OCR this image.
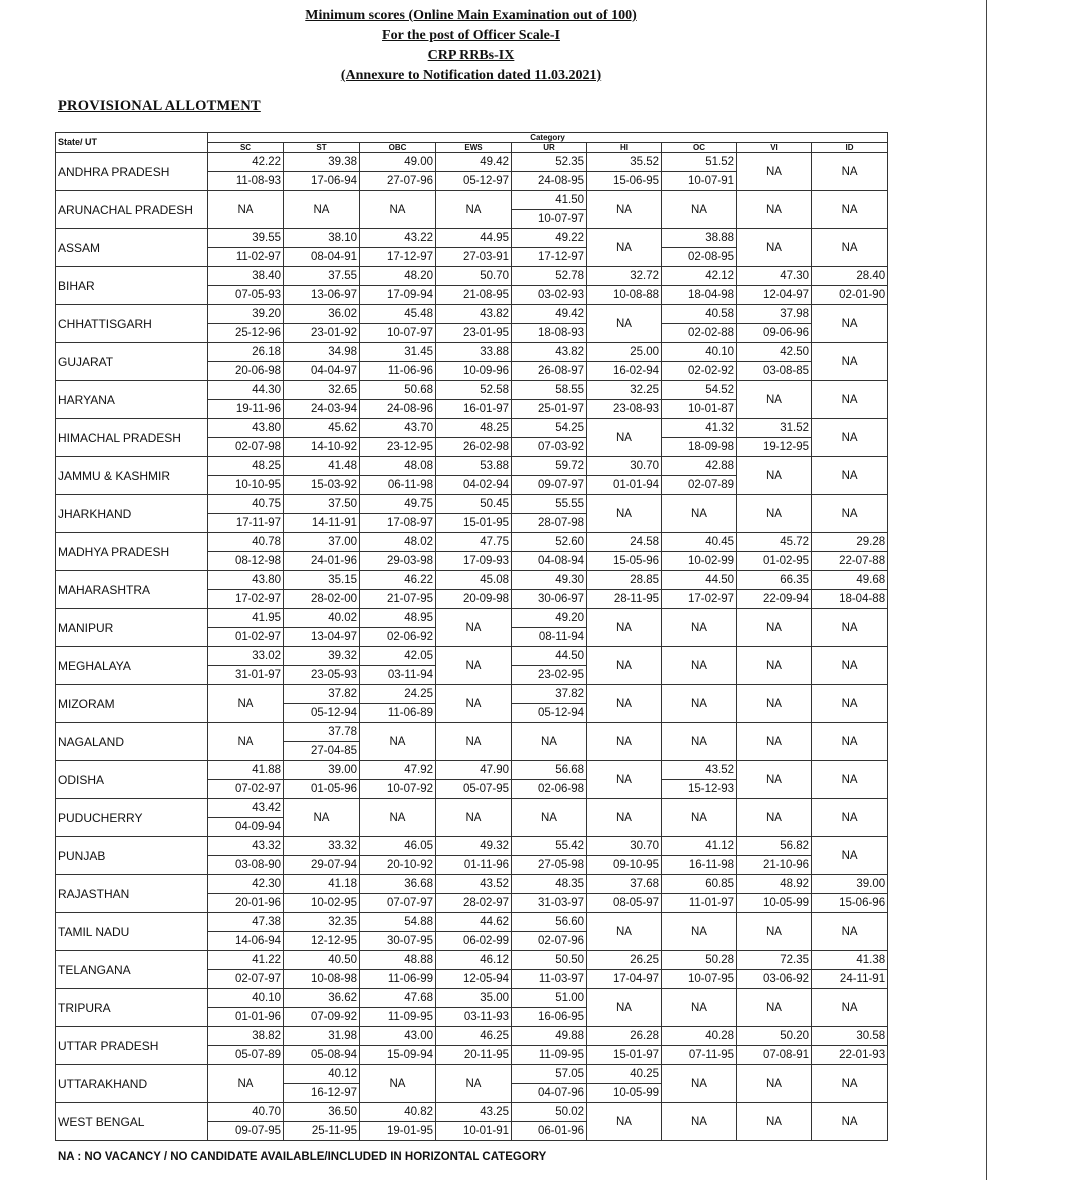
Minimum scores (Online Main Examination out of 100)
For the post of Officer Scale-I
CRP RRBs-IX
(Annexure to Notification dated 11.03.2021)
PROVISIONAL ALLOTMENT
State/ UT	Category								
	SC	ST	OBC	EWS	UR	HI	OC	VI	ID
ANDHRA PRADESH	42.22	39.38	49.00	49.42	52.35	35.52	51.52	NA	NA
	11-08-93	17-06-94	27-07-96	05-12-97	24-08-95	15-06-95	10-07-91		
ARUNACHAL PRADESH	NA	NA	NA	NA	41.50	NA	NA	NA	NA
					10-07-97				
ASSAM	39.55	38.10	43.22	44.95	49.22	NA	38.88	NA	NA
	11-02-97	08-04-91	17-12-97	27-03-91	17-12-97		02-08-95		
BIHAR	38.40	37.55	48.20	50.70	52.78	32.72	42.12	47.30	28.40
	07-05-93	13-06-97	17-09-94	21-08-95	03-02-93	10-08-88	18-04-98	12-04-97	02-01-90
CHHATTISGARH	39.20	36.02	45.48	43.82	49.42	NA	40.58	37.98	NA
	25-12-96	23-01-92	10-07-97	23-01-95	18-08-93		02-02-88	09-06-96	
GUJARAT	26.18	34.98	31.45	33.88	43.82	25.00	40.10	42.50	NA
	20-06-98	04-04-97	11-06-96	10-09-96	26-08-97	16-02-94	02-02-92	03-08-85	
HARYANA	44.30	32.65	50.68	52.58	58.55	32.25	54.52	NA	NA
	19-11-96	24-03-94	24-08-96	16-01-97	25-01-97	23-08-93	10-01-87		
HIMACHAL PRADESH	43.80	45.62	43.70	48.25	54.25	NA	41.32	31.52	NA
	02-07-98	14-10-92	23-12-95	26-02-98	07-03-92		18-09-98	19-12-95	
JAMMU & KASHMIR	48.25	41.48	48.08	53.88	59.72	30.70	42.88	NA	NA
	10-10-95	15-03-92	06-11-98	04-02-94	09-07-97	01-01-94	02-07-89		
JHARKHAND	40.75	37.50	49.75	50.45	55.55	NA	NA	NA	NA
	17-11-97	14-11-91	17-08-97	15-01-95	28-07-98				
MADHYA PRADESH	40.78	37.00	48.02	47.75	52.60	24.58	40.45	45.72	29.28
	08-12-98	24-01-96	29-03-98	17-09-93	04-08-94	15-05-96	10-02-99	01-02-95	22-07-88
MAHARASHTRA	43.80	35.15	46.22	45.08	49.30	28.85	44.50	66.35	49.68
	17-02-97	28-02-00	21-07-95	20-09-98	30-06-97	28-11-95	17-02-97	22-09-94	18-04-88
MANIPUR	41.95	40.02	48.95	NA	49.20	NA	NA	NA	NA
	01-02-97	13-04-97	02-06-92		08-11-94				
MEGHALAYA	33.02	39.32	42.05	NA	44.50	NA	NA	NA	NA
	31-01-97	23-05-93	03-11-94		23-02-95				
MIZORAM	NA	37.82	24.25	NA	37.82	NA	NA	NA	NA
		05-12-94	11-06-89		05-12-94				
NAGALAND	NA	37.78	NA	NA	NA	NA	NA	NA	NA
		27-04-85							
ODISHA	41.88	39.00	47.92	47.90	56.68	NA	43.52	NA	NA
	07-02-97	01-05-96	10-07-92	05-07-95	02-06-98		15-12-93		
PUDUCHERRY	43.42	NA	NA	NA	NA	NA	NA	NA	NA
	04-09-94								
PUNJAB	43.32	33.32	46.05	49.32	55.42	30.70	41.12	56.82	NA
	03-08-90	29-07-94	20-10-92	01-11-96	27-05-98	09-10-95	16-11-98	21-10-96	
RAJASTHAN	42.30	41.18	36.68	43.52	48.35	37.68	60.85	48.92	39.00
	20-01-96	10-02-95	07-07-97	28-02-97	31-03-97	08-05-97	11-01-97	10-05-99	15-06-96
TAMIL NADU	47.38	32.35	54.88	44.62	56.60	NA	NA	NA	NA
	14-06-94	12-12-95	30-07-95	06-02-99	02-07-96				
TELANGANA	41.22	40.50	48.88	46.12	50.50	26.25	50.28	72.35	41.38
	02-07-97	10-08-98	11-06-99	12-05-94	11-03-97	17-04-97	10-07-95	03-06-92	24-11-91
TRIPURA	40.10	36.62	47.68	35.00	51.00	NA	NA	NA	NA
	01-01-96	07-09-92	11-09-95	03-11-93	16-06-95				
UTTAR PRADESH	38.82	31.98	43.00	46.25	49.88	26.28	40.28	50.20	30.58
	05-07-89	05-08-94	15-09-94	20-11-95	11-09-95	15-01-97	07-11-95	07-08-91	22-01-93
UTTARAKHAND	NA	40.12	NA	NA	57.05	40.25	NA	NA	NA
		16-12-97			04-07-96	10-05-99			
WEST BENGAL	40.70	36.50	40.82	43.25	50.02	NA	NA	NA	NA
	09-07-95	25-11-95	19-01-95	10-01-91	06-01-96				
NA : NO VACANCY / NO CANDIDATE AVAILABLE/INCLUDED IN HORIZONTAL CATEGORY
